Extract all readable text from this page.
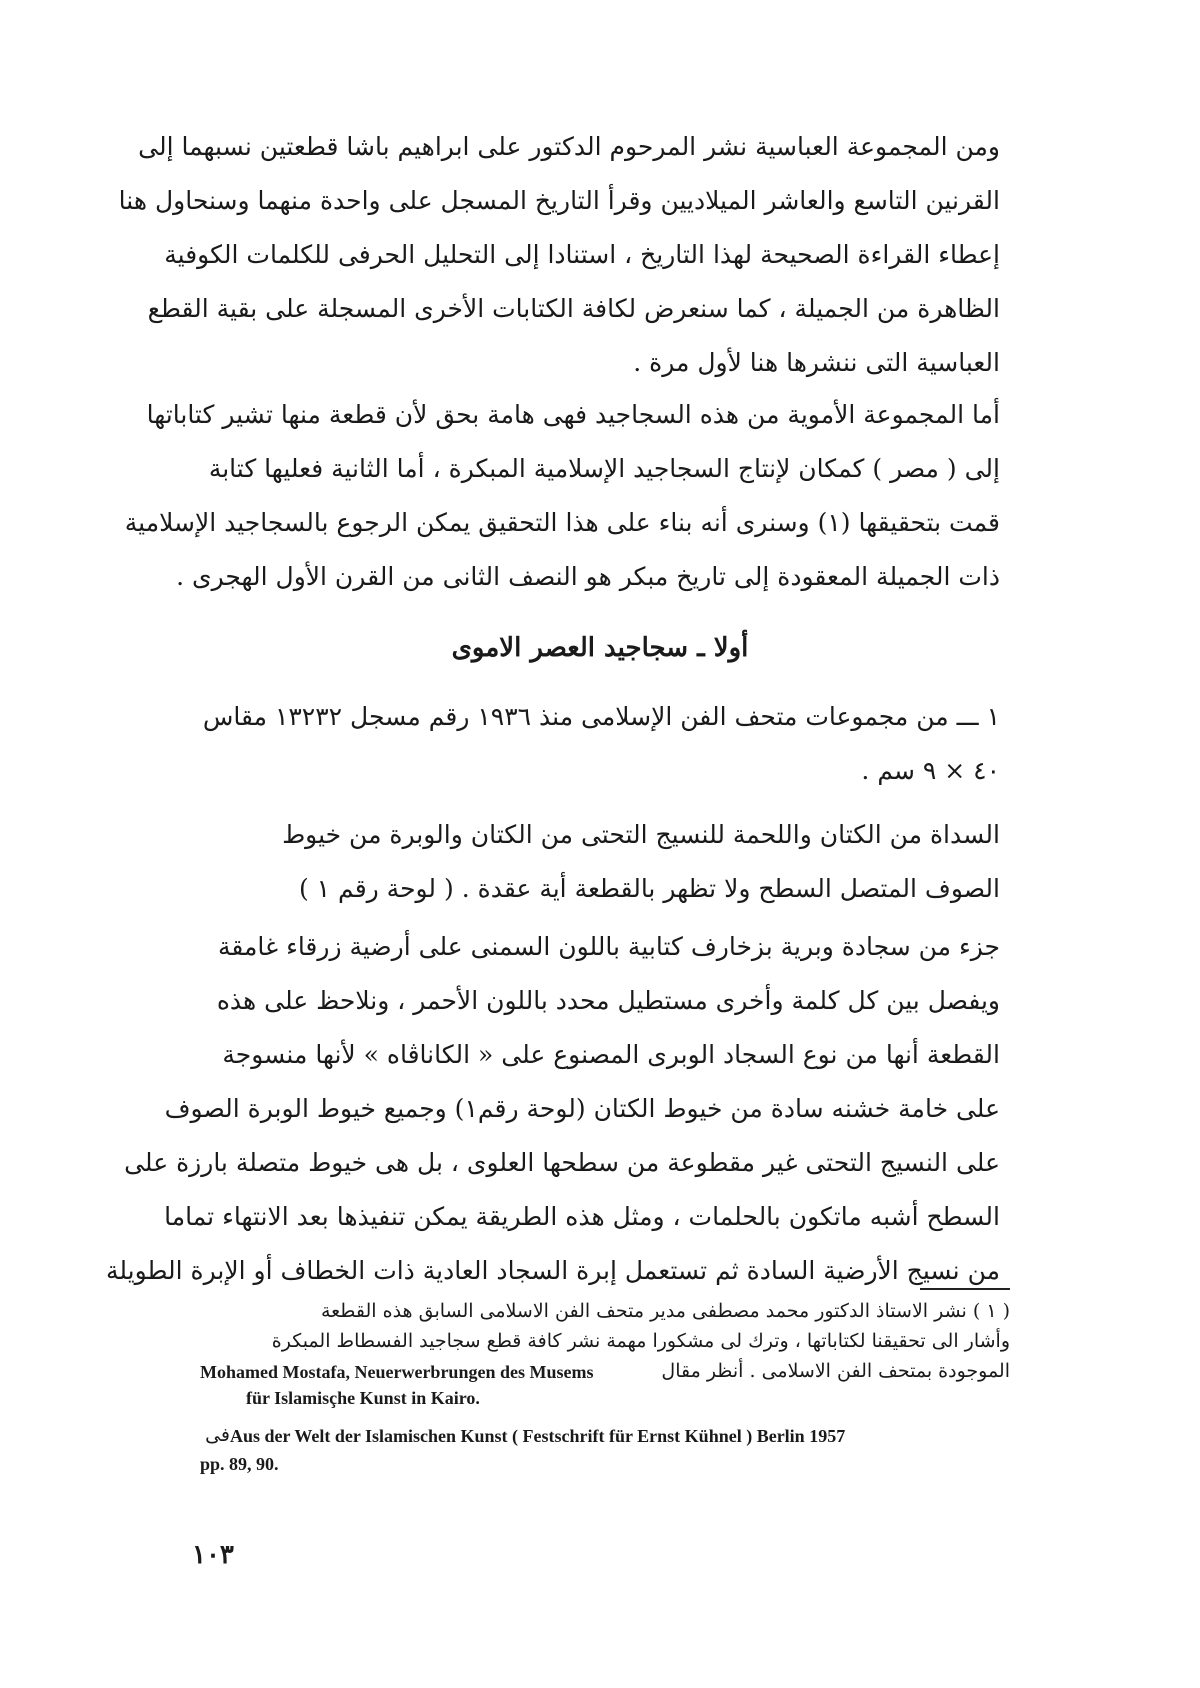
ومن المجموعة العباسية نشر المرحوم الدكتور على ابراهيم باشا قطعتين نسبهما إلى
القرنين التاسع والعاشر الميلاديين وقرأ التاريخ المسجل على واحدة منهما وسنحاول هنا
إعطاء القراءة الصحيحة لهذا التاريخ ، استنادا إلى التحليل الحرفى للكلمات الكوفية
الظاهرة من الجميلة ، كما سنعرض لكافة الكتابات الأخرى المسجلة على بقية القطع
العباسية التى ننشرها هنا لأول مرة .
أما المجموعة الأموية من هذه السجاجيد فهى هامة بحق لأن قطعة منها تشير كتاباتها
إلى ( مصر ) كمكان لإنتاج السجاجيد الإسلامية المبكرة ، أما الثانية فعليها كتابة
قمت بتحقيقها (١) وسنرى أنه بناء على هذا التحقيق يمكن الرجوع بالسجاجيد الإسلامية
ذات الجميلة المعقودة إلى تاريخ مبكر هو النصف الثانى من القرن الأول الهجرى .
أولا ـ سجاجيد العصر الاموى
١ ـــ من مجموعات متحف الفن الإسلامى منذ ١٩٣٦ رقم مسجل ١٣٢٣٢ مقاس
٤٠ × ٩ سم .
السداة من الكتان واللحمة للنسيج التحتى من الكتان والوبرة من خيوط
الصوف المتصل السطح ولا تظهر بالقطعة أية عقدة . ( لوحة رقم ١ )
جزء من سجادة وبرية بزخارف كتابية باللون السمنى على أرضية زرقاء غامقة
ويفصل بين كل كلمة وأخرى مستطيل محدد باللون الأحمر ، ونلاحظ على هذه
القطعة أنها من نوع السجاد الوبرى المصنوع على « الكاناڤاه » لأنها منسوجة
على خامة خشنه سادة من خيوط الكتان (لوحة رقم١) وجميع خيوط الوبرة الصوف
على النسيج التحتى غير مقطوعة من سطحها العلوى ، بل هى خيوط متصلة بارزة على
السطح أشبه ماتكون بالحلمات ، ومثل هذه الطريقة يمكن تنفيذها بعد الانتهاء تماما
من نسيج الأرضية السادة ثم تستعمل إبرة السجاد العادية ذات الخطاف أو الإبرة الطويلة
( ١ ) نشر الاستاذ الدكتور محمد مصطفى مدير متحف الفن الاسلامى السابق هذه القطعة
وأشار الى تحقيقنا لكتاباتها ، وترك لى مشكورا مهمة نشر كافة قطع سجاجيد الفسطاط المبكرة
الموجودة بمتحف الفن الاسلامى . أنظر مقال
Mohamed Mostafa, Neuerwerbrungen des Musems
für Islamisçhe Kunst in Kairo.
فى Aus der Welt der Islamischen Kunst ( Festschrift für Ernst Kühnel ) Berlin 1957
pp. 89, 90.
١٠٣
